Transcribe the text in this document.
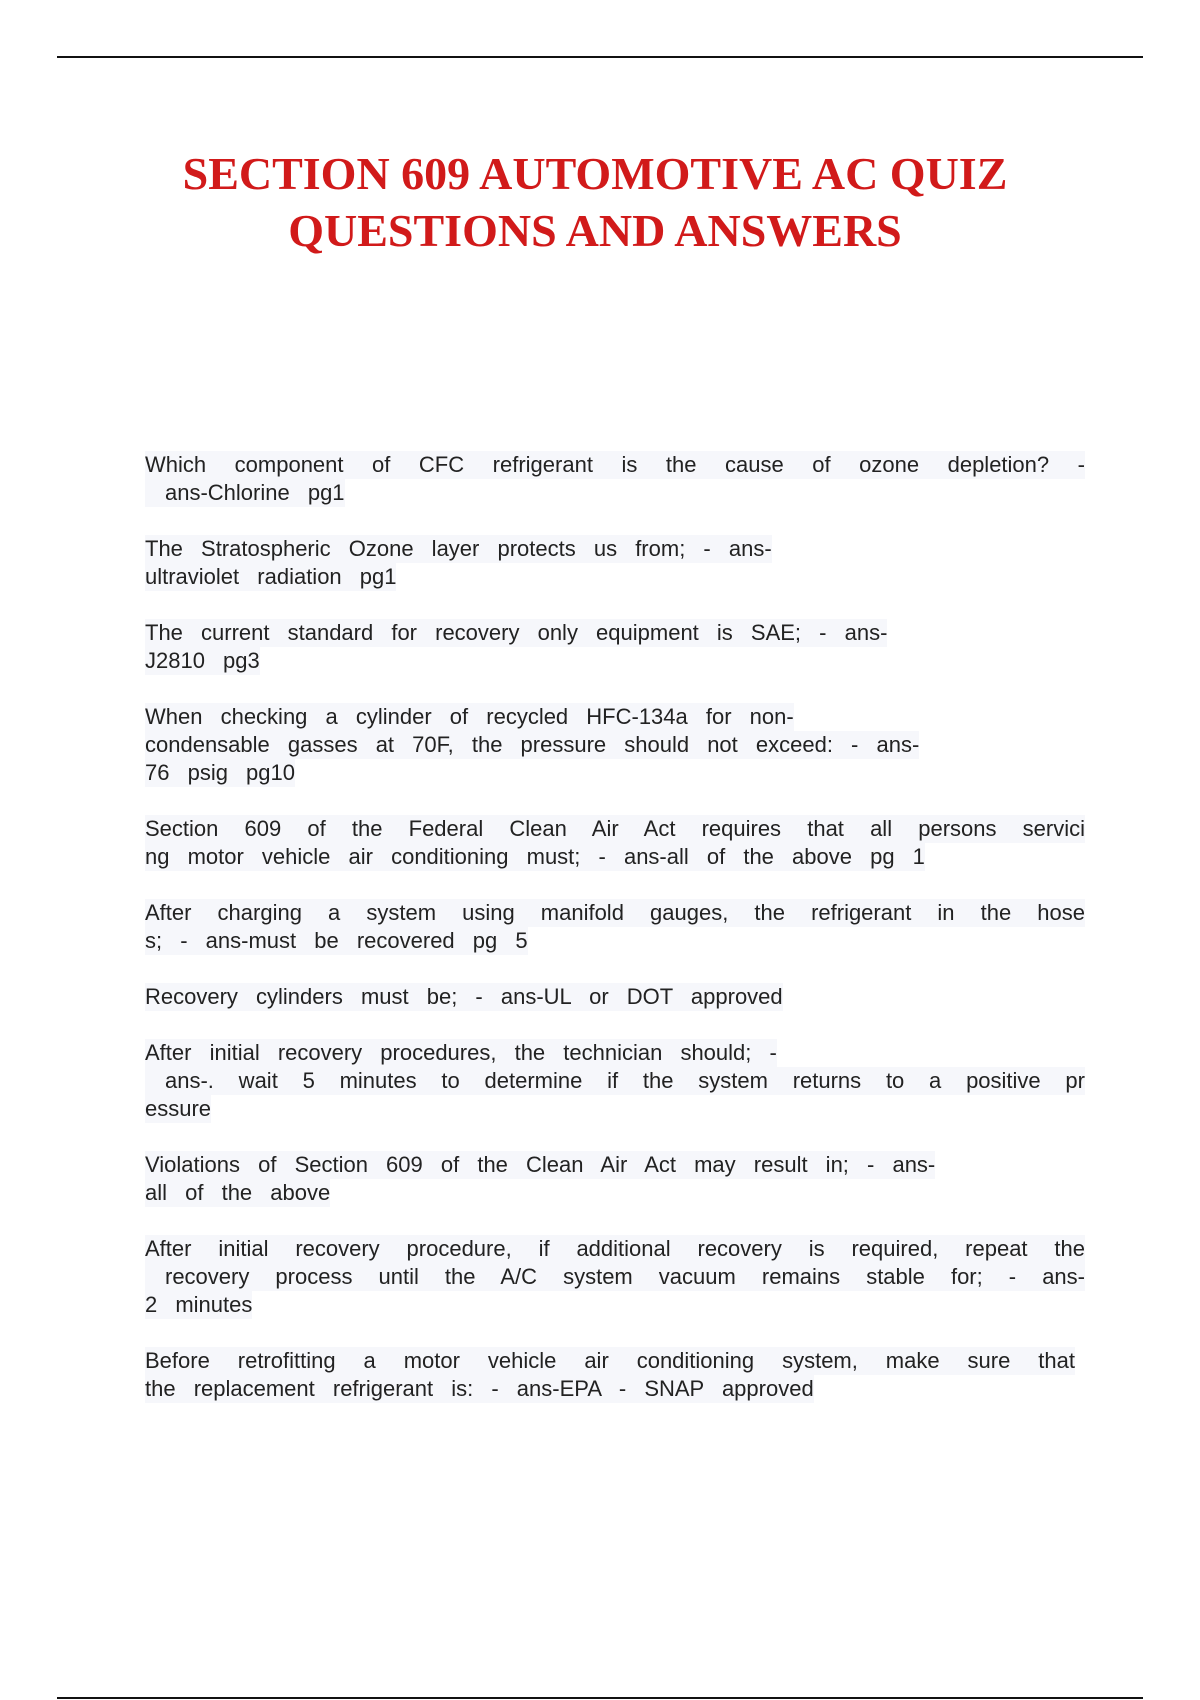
SECTION 609 AUTOMOTIVE AC QUIZ
QUESTIONS AND ANSWERS

Which component of CFC refrigerant is the cause of ozone depletion? -
ans-Chlorine pg1

The Stratospheric Ozone layer protects us from; - ans-
ultraviolet radiation pg1

The current standard for recovery only equipment is SAE; - ans-
J2810 pg3

When checking a cylinder of recycled HFC-134a for non-
condensable gasses at 70F, the pressure should not exceed: - ans-
76 psig pg10

Section 609 of the Federal Clean Air Act requires that all persons servici
ng motor vehicle air conditioning must; - ans-all of the above pg 1

After charging a system using manifold gauges, the refrigerant in the hose
s; - ans-must be recovered pg 5

Recovery cylinders must be; - ans-UL or DOT approved

After initial recovery procedures, the technician should; -
ans-. wait 5 minutes to determine if the system returns to a positive pr
essure

Violations of Section 609 of the Clean Air Act may result in; - ans-
all of the above

After initial recovery procedure, if additional recovery is required, repeat the
recovery process until the A/C system vacuum remains stable for; - ans-
2 minutes

Before retrofitting a motor vehicle air conditioning system, make sure that
the replacement refrigerant is: - ans-EPA - SNAP approved
